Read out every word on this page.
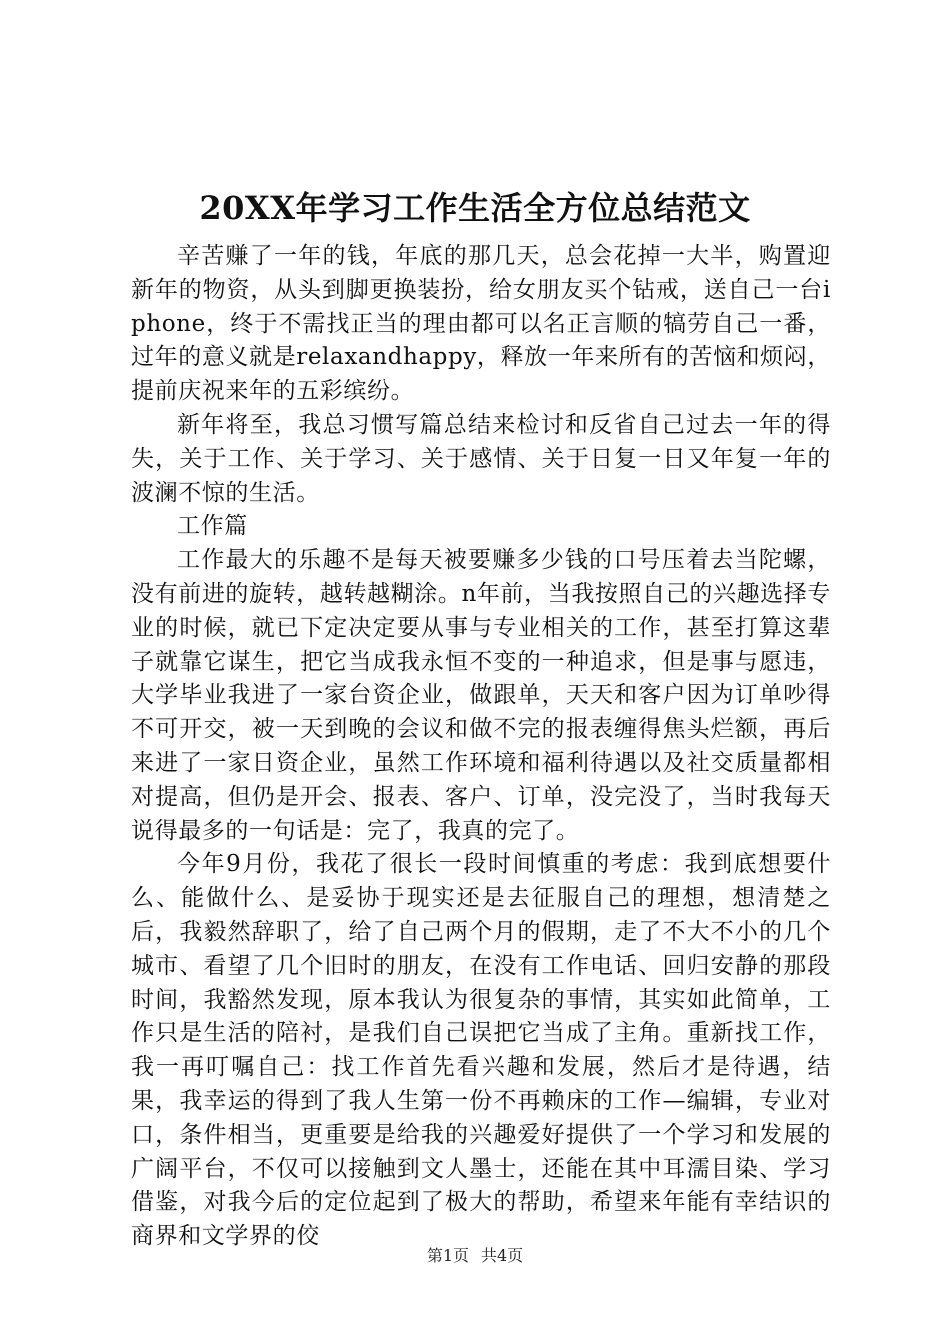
20XX年学习工作生活全方位总结范文

辛苦赚了一年的钱，年底的那几天，总会花掉一大半，购置迎新年的物资，从头到脚更换装扮，给女朋友买个钻戒，送自己一台iphone，终于不需找正当的理由都可以名正言顺的犒劳自己一番，过年的意义就是relaxandhappy，释放一年来所有的苦恼和烦闷，提前庆祝来年的五彩缤纷。

新年将至，我总习惯写篇总结来检讨和反省自己过去一年的得失，关于工作、关于学习、关于感情、关于日复一日又年复一年的波澜不惊的生活。

工作篇

工作最大的乐趣不是每天被要赚多少钱的口号压着去当陀螺，没有前进的旋转，越转越糊涂。n年前，当我按照自己的兴趣选择专业的时候，就已下定决定要从事与专业相关的工作，甚至打算这辈子就靠它谋生，把它当成我永恒不变的一种追求，但是事与愿违，大学毕业我进了一家台资企业，做跟单，天天和客户因为订单吵得不可开交，被一天到晚的会议和做不完的报表缠得焦头烂额，再后来进了一家日资企业，虽然工作环境和福利待遇以及社交质量都相对提高，但仍是开会、报表、客户、订单，没完没了，当时我每天说得最多的一句话是：完了，我真的完了。

今年9月份，我花了很长一段时间慎重的考虑：我到底想要什么、能做什么、是妥协于现实还是去征服自己的理想，想清楚之后，我毅然辞职了，给了自己两个月的假期，走了不大不小的几个城市、看望了几个旧时的朋友，在没有工作电话、回归安静的那段时间，我豁然发现，原本我认为很复杂的事情，其实如此简单，工作只是生活的陪衬，是我们自己误把它当成了主角。重新找工作，我一再叮嘱自己：找工作首先看兴趣和发展，然后才是待遇，结果，我幸运的得到了我人生第一份不再赖床的工作—编辑，专业对口，条件相当，更重要是给我的兴趣爱好提供了一个学习和发展的广阔平台，不仅可以接触到文人墨士，还能在其中耳濡目染、学习借鉴，对我今后的定位起到了极大的帮助，希望来年能有幸结识的商界和文学界的佼

第1页 共4页
